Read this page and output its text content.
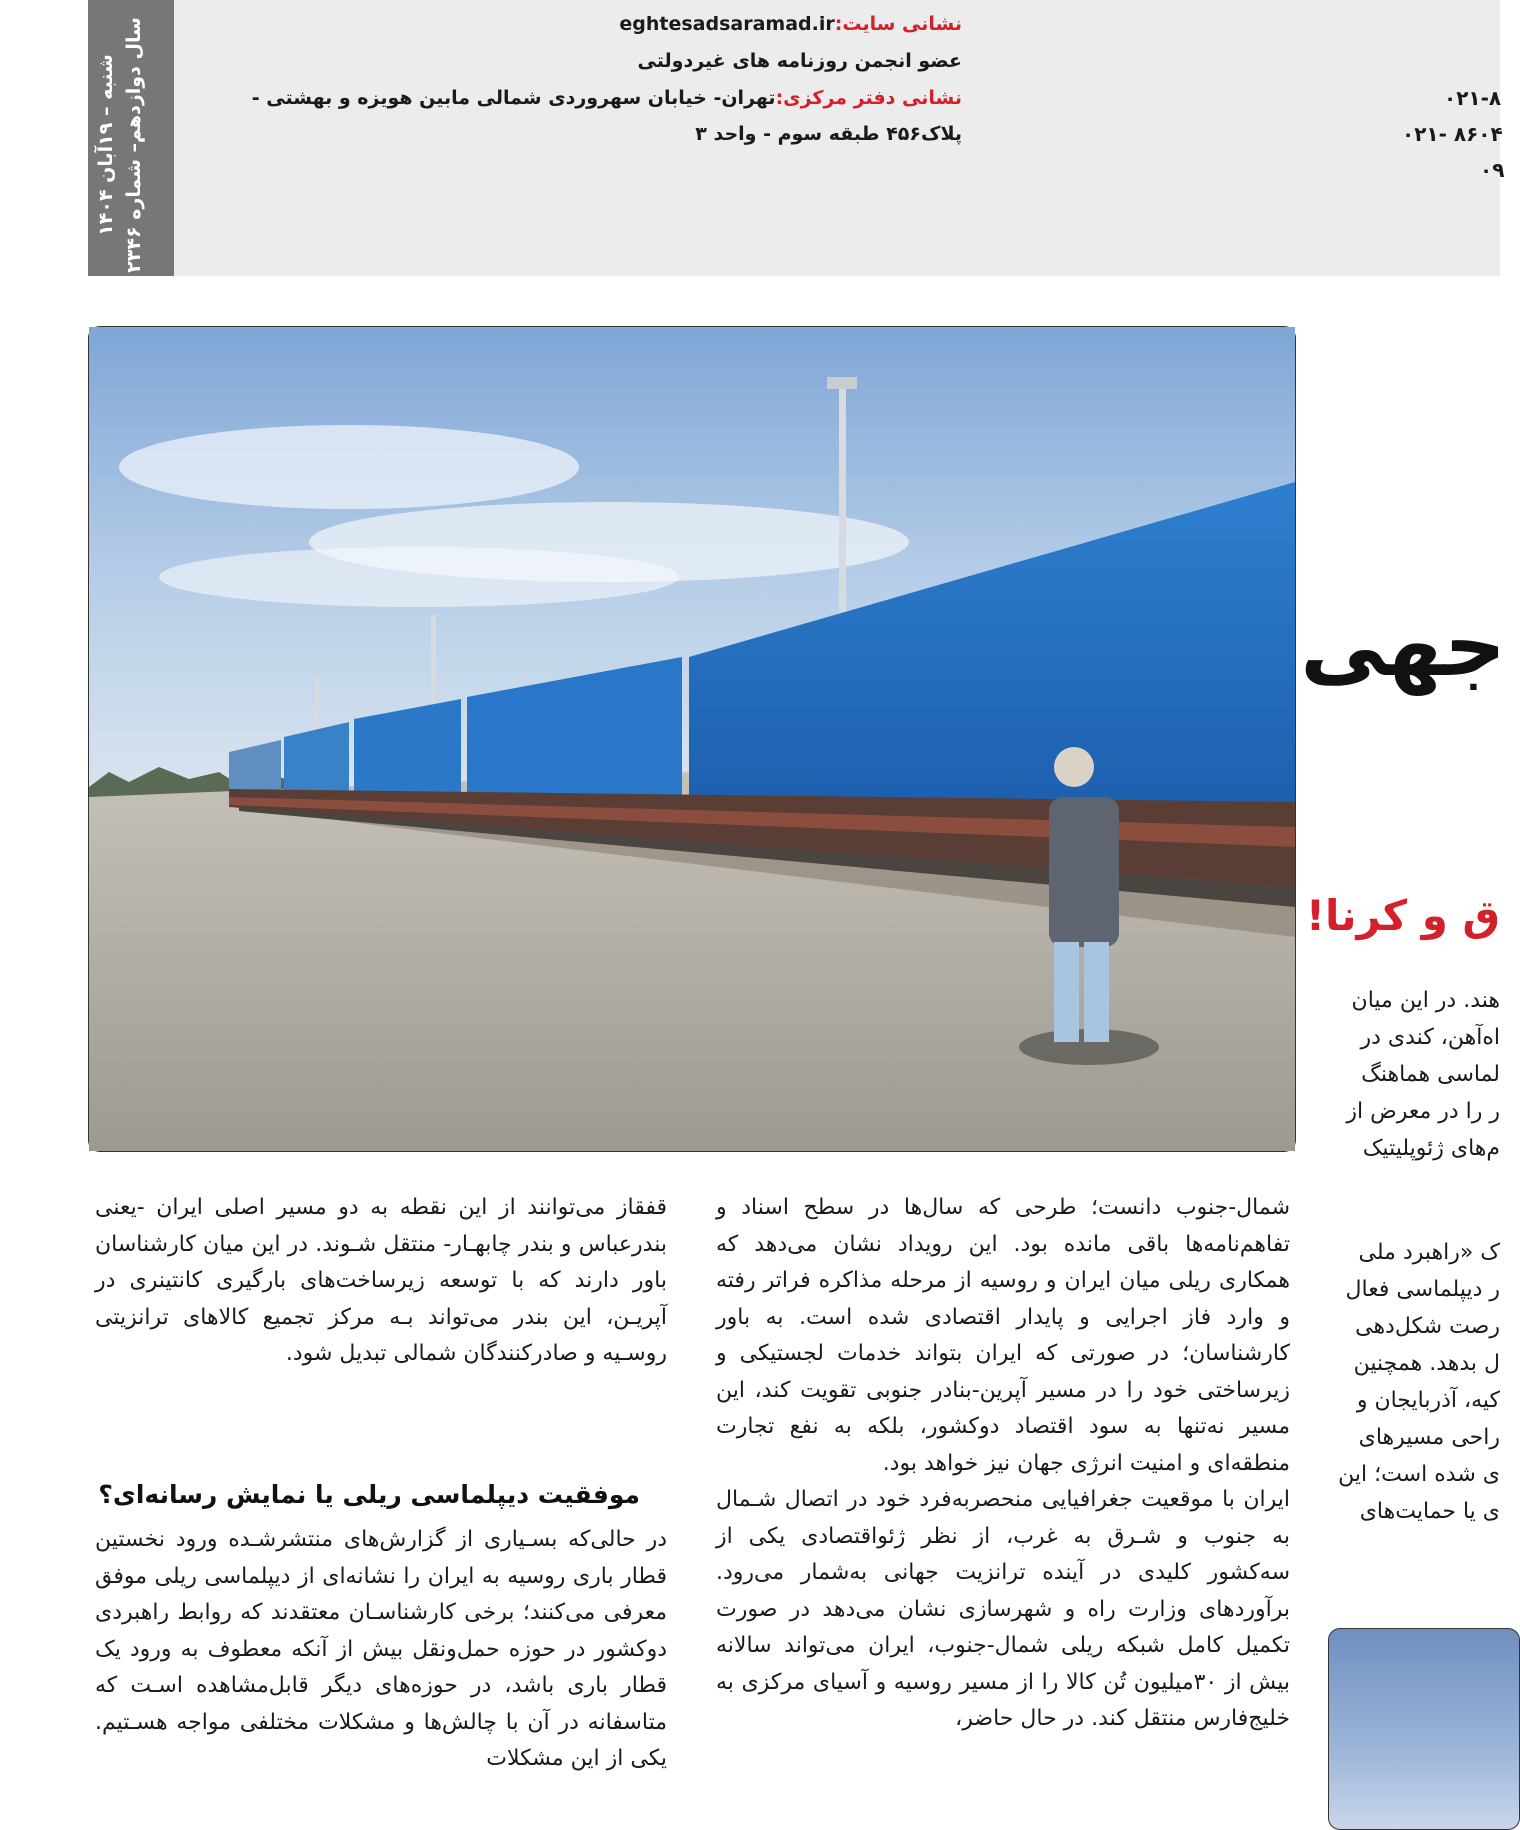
شنبه – ۱۹آبان ۱۴۰۴
سال دوازدهم– شماره ۲۳۴۶	نشانی سایت:eghtesadsaramad.ir
عضو انجمن روزنامه های غیردولتی
نشانی دفتر مرکزی:تهران- خیابان سهروردی شمالی مابین هویزه و بهشتی -
پلاک۴۵۶ طبقه سوم - واحد ۳
۰۲۱-۸
۰۲۱- ۸۶۰۴
۰۹

قفقاز می‌توانند از این نقطه به دو مسیر اصلی ایران -یعنی بندرعباس و بندر چابهـار- منتقل شـوند. در این میان کارشناسان باور دارند که با توسعه زیرساخت‌های بارگیری کانتینری در آپریـن، این بندر می‌تواند بـه مرکز تجمیع کالاهای ترانزیتی روسـیه و صادرکنندگان شمالی تبدیل شود.

موفقیت دیپلماسی ریلی یا نمایش رسانه‌ای؟

در حالی‌که بسـیاری از گزارش‌های منتشرشـده ورود نخستین قطار باری روسیه به ایران را نشانه‌ای از دیپلماسی ریلی موفق معرفی می‌کنند؛ برخی کارشناسـان معتقدند که روابط راهبردی دوکشور در حوزه حمل‌ونقل بیش از آنکه معطوف به ورود یک قطار باری باشد، در حوزه‌های دیگر قابل‌مشاهده اسـت که متاسفانه در آن با چالش‌ها و مشکلات مختلفی مواجه هسـتیم. یکی از این مشکلات

شمال-جنوب دانست؛ طرحی که سال‌ها در سطح اسناد و تفاهم‌نامه‌ها باقی مانده بود. این رویداد نشان می‌دهد که همکاری ریلی میان ایران و روسیه از مرحله مذاکره فراتر رفته و وارد فاز اجرایی و پایدار اقتصادی شده است. به باور کارشناسان؛ در صورتی که ایران بتواند خدمات لجستیکی و زیرساختی خود را در مسیر آپرین-بنادر جنوبی تقویت کند، این مسیر نه‌تنها به سود اقتصاد دوکشور، بلکه به نفع تجارت منطقه‌ای و امنیت انرژی جهان نیز خواهد بود.

ایران با موقعیت جغرافیایی منحصربه‌فرد خود در اتصال شـمال به جنوب و شـرق به غرب، از نظر ژئواقتصادی یکی از سه‌کشور کلیدی در آینده ترانزیت جهانی به‌شمار می‌رود. برآوردهای وزارت راه و شهرسازی نشان می‌دهد در صورت تکمیل کامل شبکه ریلی شمال-جنوب، ایران می‌تواند سالانه بیش از ۳۰میلیون تُن کالا را از مسیر روسیه و آسیای مرکزی به خلیج‌فارس منتقل کند. در حال حاضر،

جهی
ق و کرنا!
هند. در این میان
اه‌آهن، کندی در
لماسی هماهنگ
ر را در معرض از
م‌های ژئوپلیتیک
ک «راهبرد ملی
ر دیپلماسی فعال
رصت شکل‌دهی
ل بدهد. همچنین
کیه، آذربایجان و
راحی مسیرهای
ی شده است؛ این
ی یا حمایت‌های
